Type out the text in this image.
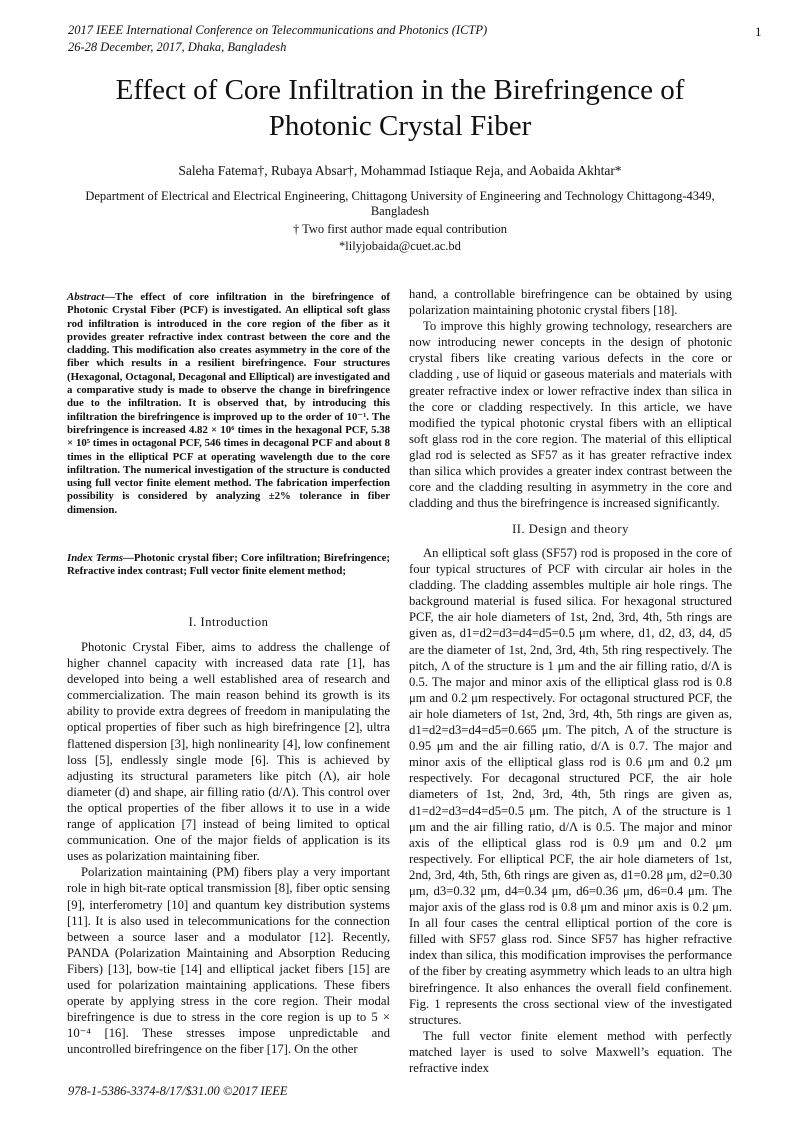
2017 IEEE International Conference on Telecommunications and Photonics (ICTP)
26-28 December, 2017, Dhaka, Bangladesh
1
Effect of Core Infiltration in the Birefringence of
Photonic Crystal Fiber
Saleha Fatema†, Rubaya Absar†, Mohammad Istiaque Reja, and Aobaida Akhtar*
Department of Electrical and Electrical Engineering, Chittagong University of Engineering and Technology Chittagong-4349, Bangladesh
† Two first author made equal contribution
*lilyjobaida@cuet.ac.bd
Abstract—The effect of core infiltration in the birefringence of Photonic Crystal Fiber (PCF) is investigated. An elliptical soft glass rod infiltration is introduced in the core region of the fiber as it provides greater refractive index contrast between the core and the cladding. This modification also creates asymmetry in the core of the fiber which results in a resilient birefringence. Four structures (Hexagonal, Octagonal, Decagonal and Elliptical) are investigated and a comparative study is made to observe the change in birefringence due to the infiltration. It is observed that, by introducing this infiltration the birefringence is improved up to the order of 10⁻¹. The birefringence is increased 4.82 × 10⁶ times in the hexagonal PCF, 5.38 × 10⁵ times in octagonal PCF, 546 times in decagonal PCF and about 8 times in the elliptical PCF at operating wavelength due to the core infiltration. The numerical investigation of the structure is conducted using full vector finite element method. The fabrication imperfection possibility is considered by analyzing ±2% tolerance in fiber dimension.
Index Terms—Photonic crystal fiber; Core infiltration; Birefringence; Refractive index contrast; Full vector finite element method;
I. Introduction

Photonic Crystal Fiber, aims to address the challenge of higher channel capacity with increased data rate [1], has developed into being a well established area of research and commercialization. The main reason behind its growth is its ability to provide extra degrees of freedom in manipulating the optical properties of fiber such as high birefringence [2], ultra flattened dispersion [3], high nonlinearity [4], low confinement loss [5], endlessly single mode [6]. This is achieved by adjusting its structural parameters like pitch (Λ), air hole diameter (d) and shape, air filling ratio (d/Λ). This control over the optical properties of the fiber allows it to use in a wide range of application [7] instead of being limited to optical communication. One of the major fields of application is its uses as polarization maintaining fiber.

Polarization maintaining (PM) fibers play a very important role in high bit-rate optical transmission [8], fiber optic sensing [9], interferometry [10] and quantum key distribution systems [11]. It is also used in telecommunications for the connection between a source laser and a modulator [12]. Recently, PANDA (Polarization Maintaining and Absorption Reducing Fibers) [13], bow-tie [14] and elliptical jacket fibers [15] are used for polarization maintaining applications. These fibers operate by applying stress in the core region. Their modal birefringence is due to stress in the core region is up to 5 × 10⁻⁴ [16]. These stresses impose unpredictable and uncontrolled birefringence on the fiber [17]. On the other

hand, a controllable birefringence can be obtained by using polarization maintaining photonic crystal fibers [18].

To improve this highly growing technology, researchers are now introducing newer concepts in the design of photonic crystal fibers like creating various defects in the core or cladding , use of liquid or gaseous materials and materials with greater refractive index or lower refractive index than silica in the core or cladding respectively. In this article, we have modified the typical photonic crystal fibers with an elliptical soft glass rod in the core region. The material of this elliptical glad rod is selected as SF57 as it has greater refractive index than silica which provides a greater index contrast between the core and the cladding resulting in asymmetry in the core and cladding and thus the birefringence is increased significantly.

II. Design and theory

An elliptical soft glass (SF57) rod is proposed in the core of four typical structures of PCF with circular air holes in the cladding. The cladding assembles multiple air hole rings. The background material is fused silica. For hexagonal structured PCF, the air hole diameters of 1st, 2nd, 3rd, 4th, 5th rings are given as, d1=d2=d3=d4=d5=0.5 μm where, d1, d2, d3, d4, d5 are the diameter of 1st, 2nd, 3rd, 4th, 5th ring respectively. The pitch, Λ of the structure is 1 μm and the air filling ratio, d/Λ is 0.5. The major and minor axis of the elliptical glass rod is 0.8 μm and 0.2 μm respectively. For octagonal structured PCF, the air hole diameters of 1st, 2nd, 3rd, 4th, 5th rings are given as, d1=d2=d3=d4=d5=0.665 μm. The pitch, Λ of the structure is 0.95 μm and the air filling ratio, d/Λ is 0.7. The major and minor axis of the elliptical glass rod is 0.6 μm and 0.2 μm respectively. For decagonal structured PCF, the air hole diameters of 1st, 2nd, 3rd, 4th, 5th rings are given as, d1=d2=d3=d4=d5=0.5 μm. The pitch, Λ of the structure is 1 μm and the air filling ratio, d/Λ is 0.5. The major and minor axis of the elliptical glass rod is 0.9 μm and 0.2 μm respectively. For elliptical PCF, the air hole diameters of 1st, 2nd, 3rd, 4th, 5th, 6th rings are given as, d1=0.28 μm, d2=0.30 μm, d3=0.32 μm, d4=0.34 μm, d6=0.36 μm, d6=0.4 μm. The major axis of the glass rod is 0.8 μm and minor axis is 0.2 μm. In all four cases the central elliptical portion of the core is filled with SF57 glass rod. Since SF57 has higher refractive index than silica, this modification improvises the performance of the fiber by creating asymmetry which leads to an ultra high birefringence. It also enhances the overall field confinement. Fig. 1 represents the cross sectional view of the investigated structures.

The full vector finite element method with perfectly matched layer is used to solve Maxwell’s equation. The refractive index

978-1-5386-3374-8/17/$31.00 ©2017 IEEE
